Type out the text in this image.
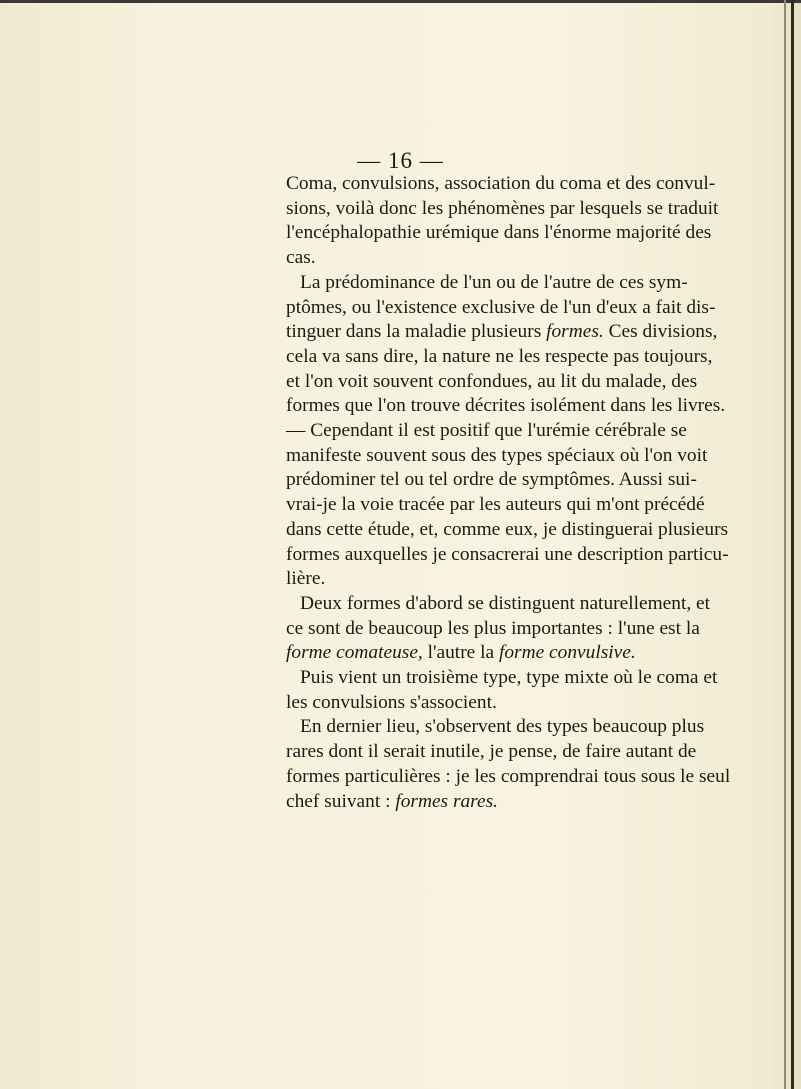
— 16 —

Coma, convulsions, association du coma et des convul-
sions, voilà donc les phénomènes par lesquels se traduit
l'encéphalopathie urémique dans l'énorme majorité des
cas.

La prédominance de l'un ou de l'autre de ces sym-
ptômes, ou l'existence exclusive de l'un d'eux a fait dis-
tinguer dans la maladie plusieurs formes. Ces divisions,
cela va sans dire, la nature ne les respecte pas toujours,
et l'on voit souvent confondues, au lit du malade, des
formes que l'on trouve décrites isolément dans les livres.
— Cependant il est positif que l'urémie cérébrale se
manifeste souvent sous des types spéciaux où l'on voit
prédominer tel ou tel ordre de symptômes. Aussi sui-
vrai-je la voie tracée par les auteurs qui m'ont précédé
dans cette étude, et, comme eux, je distinguerai plusieurs
formes auxquelles je consacrerai une description particu-
lière.

Deux formes d'abord se distinguent naturellement, et
ce sont de beaucoup les plus importantes : l'une est la
forme comateuse, l'autre la forme convulsive.

Puis vient un troisième type, type mixte où le coma et
les convulsions s'associent.

En dernier lieu, s'observent des types beaucoup plus
rares dont il serait inutile, je pense, de faire autant de
formes particulières : je les comprendrai tous sous le seul
chef suivant : formes rares.
